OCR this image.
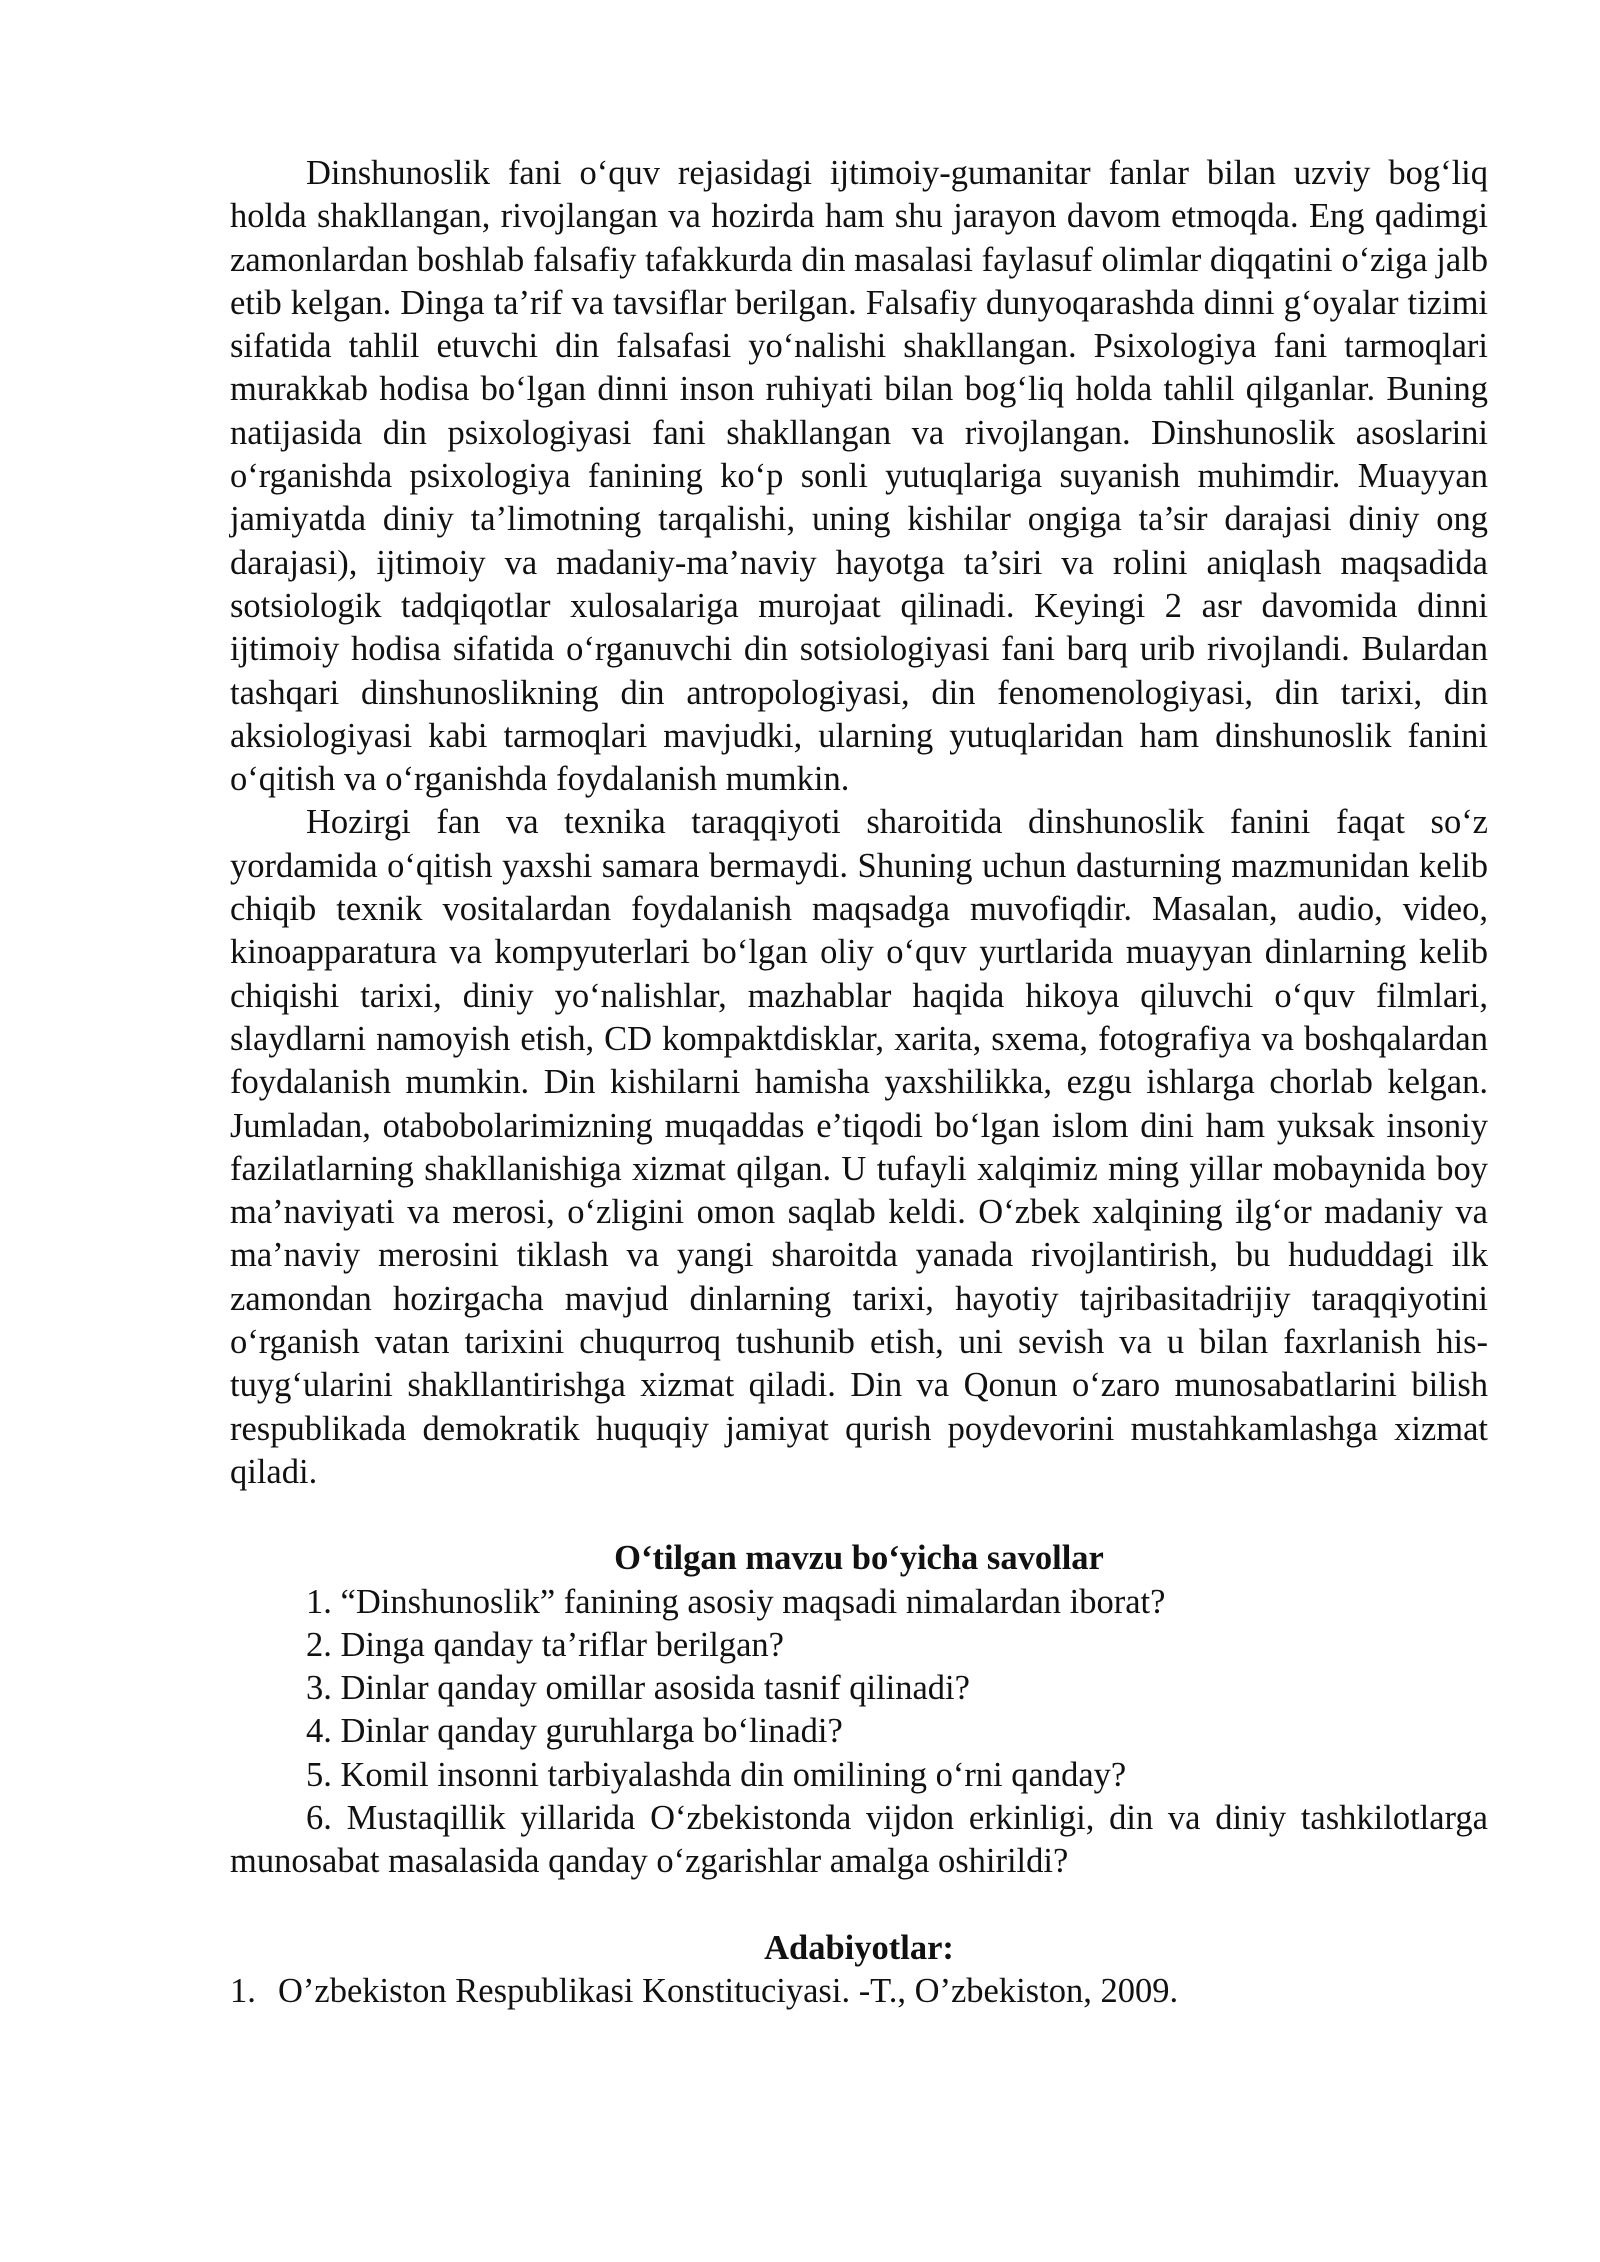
Dinshunoslik fani o‘quv rejasidagi ijtimoiy-gumanitar fanlar bilan uzviy bog‘liq holda shakllangan, rivojlangan va hozirda ham shu jarayon davom etmoqda. Eng qadimgi zamonlardan boshlab falsafiy tafakkurda din masalasi faylasuf olimlar diqqatini o‘ziga jalb etib kelgan. Dinga ta’rif va tavsiflar berilgan. Falsafiy dunyoqarashda dinni g‘oyalar tizimi sifatida tahlil etuvchi din falsafasi yo‘nalishi shakllangan. Psixologiya fani tarmoqlari murakkab hodisa bo‘lgan dinni inson ruhiyati bilan bog‘liq holda tahlil qilganlar. Buning natijasida din psixologiyasi fani shakllangan va rivojlangan. Dinshunoslik asoslarini o‘rganishda psixologiya fanining ko‘p sonli yutuqlariga suyanish muhimdir. Muayyan jamiyatda diniy ta’limotning tarqalishi, uning kishilar ongiga ta’sir darajasi diniy ong darajasi), ijtimoiy va madaniy-ma’naviy hayotga ta’siri va rolini aniqlash maqsadida sotsiologik tadqiqotlar xulosalariga murojaat qilinadi. Keyingi 2 asr davomida dinni ijtimoiy hodisa sifatida o‘rganuvchi din sotsiologiyasi fani barq urib rivojlandi. Bulardan tashqari dinshunoslikning din antropologiyasi, din fenomenologiyasi, din tarixi, din aksiologiyasi kabi tarmoqlari mavjudki, ularning yutuqlaridan ham dinshunoslik fanini o‘qitish va o‘rganishda foydalanish mumkin.

Hozirgi fan va texnika taraqqiyoti sharoitida dinshunoslik fanini faqat so‘z yordamida o‘qitish yaxshi samara bermaydi. Shuning uchun dasturning mazmunidan kelib chiqib texnik vositalardan foydalanish maqsadga muvofiqdir. Masalan, audio, video, kinoapparatura va kompyuterlari bo‘lgan oliy o‘quv yurtlarida muayyan dinlarning kelib chiqishi tarixi, diniy yo‘nalishlar, mazhablar haqida hikoya qiluvchi o‘quv filmlari, slaydlarni namoyish etish, CD kompaktdisklar, xarita, sxema, fotografiya va boshqalardan foydalanish mumkin. Din kishilarni hamisha yaxshilikka, ezgu ishlarga chorlab kelgan. Jumladan, otabobolarimizning muqaddas e’tiqodi bo‘lgan islom dini ham yuksak insoniy fazilatlarning shakllanishiga xizmat qilgan. U tufayli xalqimiz ming yillar mobaynida boy ma’naviyati va merosi, o‘zligini omon saqlab keldi. O‘zbek xalqining ilg‘or madaniy va ma’naviy merosini tiklash va yangi sharoitda yanada rivojlantirish, bu hududdagi ilk zamondan hozirgacha mavjud dinlarning tarixi, hayotiy tajribasitadrijiy taraqqiyotini o‘rganish vatan tarixini chuqurroq tushunib etish, uni sevish va u bilan faxrlanish his-tuyg‘ularini shakllantirishga xizmat qiladi. Din va Qonun o‘zaro munosabatlarini bilish respublikada demokratik huquqiy jamiyat qurish poydevorini mustahkamlashga xizmat qiladi.

O‘tilgan mavzu bo‘yicha savollar
1. “Dinshunoslik” fanining asosiy maqsadi nimalardan iborat?
2. Dinga qanday ta’riflar berilgan?
3. Dinlar qanday omillar asosida tasnif qilinadi?
4. Dinlar qanday guruhlarga bo‘linadi?
5. Komil insonni tarbiyalashda din omilining o‘rni qanday?
6. Mustaqillik yillarida O‘zbekistonda vijdon erkinligi, din va diniy tashkilotlarga munosabat masalasida qanday o‘zgarishlar amalga oshirildi?
Adabiyotlar:
1. O’zbekiston Respublikasi Konstituciyasi. -T., O’zbekiston, 2009.
